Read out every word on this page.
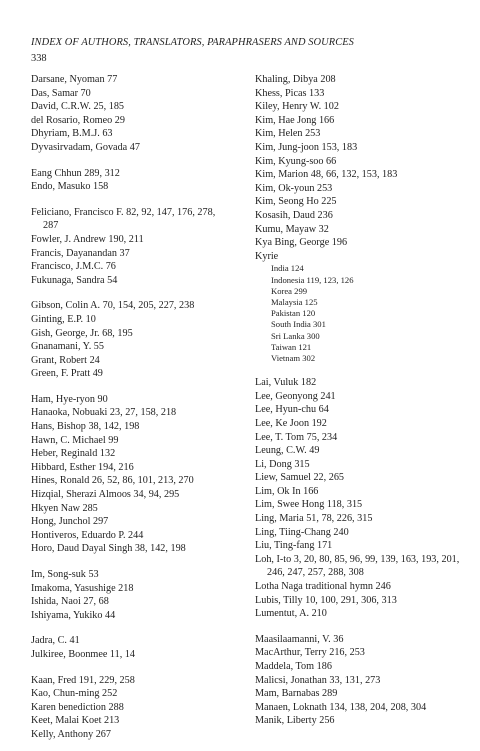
INDEX OF AUTHORS, TRANSLATORS, PARAPHRASERS AND SOURCES
338
Darsane, Nyoman 77
Das, Samar 70
David, C.R.W. 25, 185
del Rosario, Romeo 29
Dhyriam, B.M.J. 63
Dyvasirvadam, Govada 47
Eang Chhun 289, 312
Endo, Masuko 158
Feliciano, Francisco F. 82, 92, 147, 176, 278, 287
Fowler, J. Andrew 190, 211
Francis, Dayanandan 37
Francisco, J.M.C. 76
Fukunaga, Sandra 54
Gibson, Colin A. 70, 154, 205, 227, 238
Ginting, E.P. 10
Gish, George, Jr. 68, 195
Gnanamani, Y. 55
Grant, Robert 24
Green, F. Pratt 49
Ham, Hye-ryon 90
Hanaoka, Nobuaki 23, 27, 158, 218
Hans, Bishop 38, 142, 198
Hawn, C. Michael 99
Heber, Reginald 132
Hibbard, Esther 194, 216
Hines, Ronald 26, 52, 86, 101, 213, 270
Hizqial, Sherazi Almoos 34, 94, 295
Hkyen Naw 285
Hong, Junchol 297
Hontiveros, Eduardo P. 244
Horo, Daud Dayal Singh 38, 142, 198
Im, Song-suk 53
Imakoma, Yasushige 218
Ishida, Naoi 27, 68
Ishiyama, Yukiko 44
Jadra, C. 41
Julkiree, Boonmee 11, 14
Kaan, Fred 191, 229, 258
Kao, Chun-ming 252
Karen benediction 288
Keet, Malai Koet 213
Kelly, Anthony 267
Khaling, Dibya 208
Khess, Picas 133
Kiley, Henry W. 102
Kim, Hae Jong 166
Kim, Helen 253
Kim, Jung-joon 153, 183
Kim, Kyung-soo 66
Kim, Marion 48, 66, 132, 153, 183
Kim, Ok-youn 253
Kim, Seong Ho 225
Kosasih, Daud 236
Kumu, Mayaw 32
Kya Bing, George 196
Kyrie
India 124
Indonesia 119, 123, 126
Korea 299
Malaysia 125
Pakistan 120
South India 301
Sri Lanka 300
Taiwan 121
Vietnam 302
Lai, Vuluk 182
Lee, Geonyong 241
Lee, Hyun-chu 64
Lee, Ke Joon 192
Lee, T. Tom 75, 234
Leung, C.W. 49
Li, Dong 315
Liew, Samuel 22, 265
Lim, Ok In 166
Lim, Swee Hong 118, 315
Ling, Maria 51, 78, 226, 315
Ling, Tiing-Chang 240
Liu, Ting-fang 171
Loh, I-to 3, 20, 80, 85, 96, 99, 139, 163, 193, 201, 246, 247, 257, 288, 308
Lotha Naga traditional hymn 246
Lubis, Tilly 10, 100, 291, 306, 313
Lumentut, A. 210
Maasilaamanni, V. 36
MacArthur, Terry 216, 253
Maddela, Tom 186
Malicsi, Jonathan 33, 131, 273
Mam, Barnabas 289
Manaen, Loknath 134, 138, 204, 208, 304
Manik, Liberty 256
